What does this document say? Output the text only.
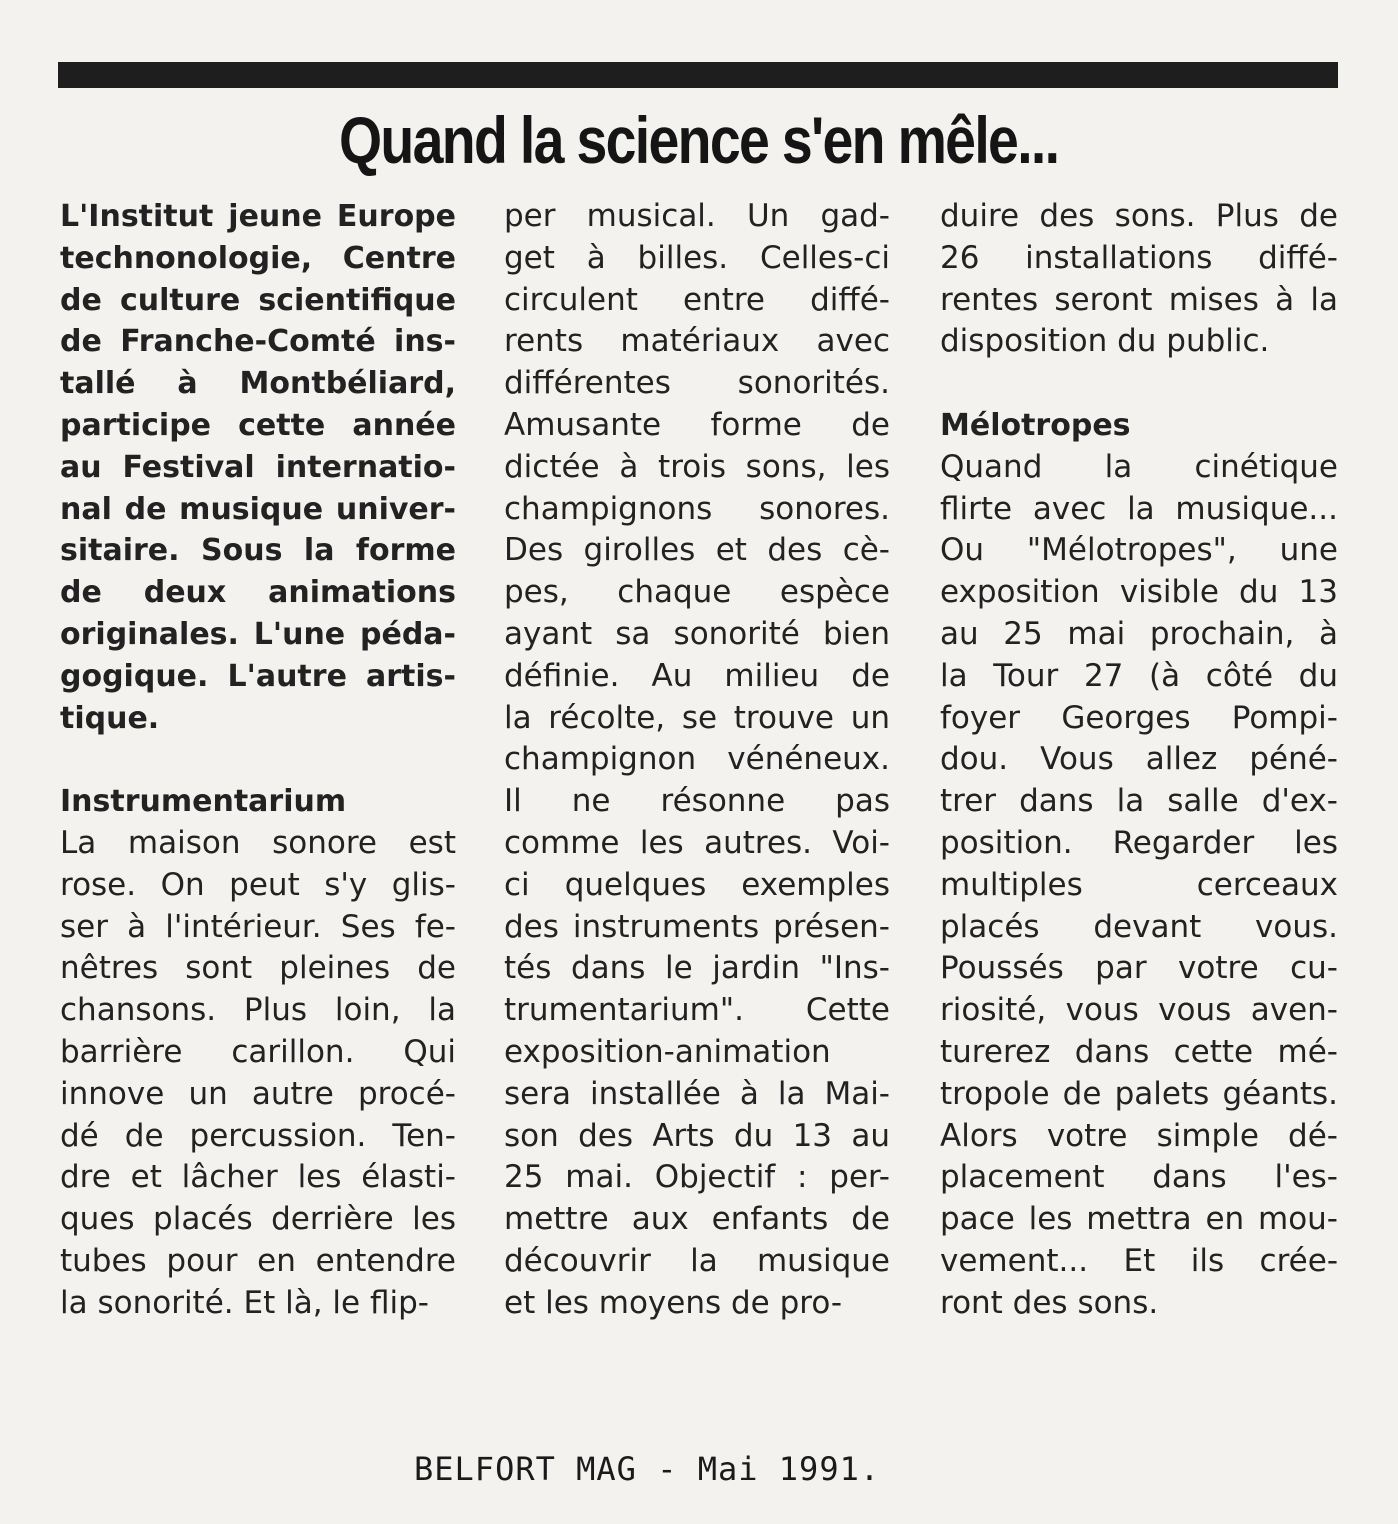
Quand la science s'en mêle...
L'Institut jeune Europe
technonologie, Centre
de culture scientifique
de Franche-Comté ins-
tallé à Montbéliard,
participe cette année
au Festival internatio-
nal de musique univer-
sitaire. Sous la forme
de deux animations
originales. L'une péda-
gogique. L'autre artis-
tique.
Instrumentarium
La maison sonore est
rose. On peut s'y glis-
ser à l'intérieur. Ses fe-
nêtres sont pleines de
chansons. Plus loin, la
barrière carillon. Qui
innove un autre procé-
dé de percussion. Ten-
dre et lâcher les élasti-
ques placés derrière les
tubes pour en entendre
la sonorité. Et là, le flip-
per musical. Un gad-
get à billes. Celles-ci
circulent entre diffé-
rents matériaux avec
différentes sonorités.
Amusante forme de
dictée à trois sons, les
champignons sonores.
Des girolles et des cè-
pes, chaque espèce
ayant sa sonorité bien
définie. Au milieu de
la récolte, se trouve un
champignon vénéneux.
Il ne résonne pas
comme les autres. Voi-
ci quelques exemples
des instruments présen-
tés dans le jardin "Ins-
trumentarium". Cette
exposition-animation
sera installée à la Mai-
son des Arts du 13 au
25 mai. Objectif : per-
mettre aux enfants de
découvrir la musique
et les moyens de pro-
duire des sons. Plus de
26 installations diffé-
rentes seront mises à la
disposition du public.
Mélotropes
Quand la cinétique
flirte avec la musique...
Ou "Mélotropes", une
exposition visible du 13
au 25 mai prochain, à
la Tour 27 (à côté du
foyer Georges Pompi-
dou. Vous allez péné-
trer dans la salle d'ex-
position. Regarder les
multiples cerceaux
placés devant vous.
Poussés par votre cu-
riosité, vous vous aven-
turerez dans cette mé-
tropole de palets géants.
Alors votre simple dé-
placement dans l'es-
pace les mettra en mou-
vement... Et ils crée-
ront des sons.
BELFORT MAG - Mai 1991.
